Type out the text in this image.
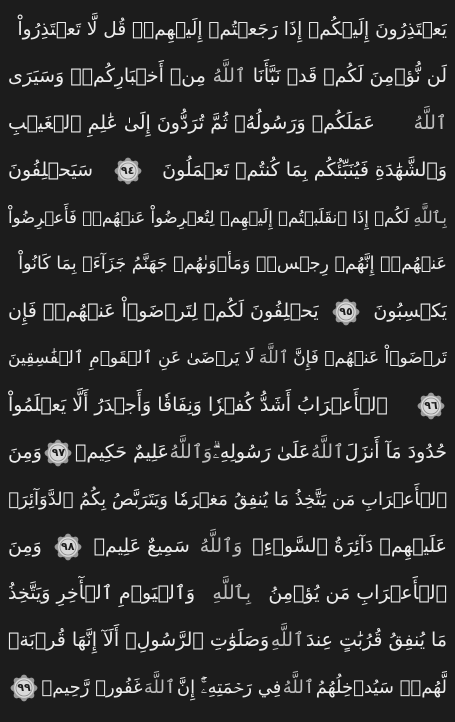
يَعۡتَذِرُونَ إِلَيۡكُمۡ إِذَا رَجَعۡتُمۡ إِلَيۡهِمۡۚ قُل لَّا تَعۡتَذِرُواْ
لَن نُّؤۡمِنَ لَكُمۡ قَدۡ نَبَّأَنَا
ٱللَّهُ
مِنۡ أَخۡبَارِكُمۡۚ وَسَيَرَى
ٱللَّهُ
عَمَلَكُمۡ وَرَسُولُهُۥ ثُمَّ تُرَدُّونَ إِلَىٰ عَٰلِمِ ٱلۡغَيۡبِ
وَٱلشَّهَٰدَةِ فَيُنَبِّئُكُم بِمَا كُنتُمۡ تَعۡمَلُونَ
٩٤
سَيَحۡلِفُونَ
بِٱللَّهِ
لَكُمۡ إِذَا ٱنقَلَبۡتُمۡ إِلَيۡهِمۡ لِتُعۡرِضُواْ عَنۡهُمۡۖ فَأَعۡرِضُواْ
عَنۡهُمۡۖ إِنَّهُمۡ رِجۡسٞۖ وَمَأۡوَىٰهُمۡ جَهَنَّمُ جَزَآءَۢ بِمَا كَانُواْ
يَكۡسِبُونَ
٩٥
يَحۡلِفُونَ لَكُمۡ لِتَرۡضَوۡاْ عَنۡهُمۡۖ فَإِن
تَرۡضَوۡاْ عَنۡهُمۡ فَإِنَّ
ٱللَّهَ
لَا يَرۡضَىٰ عَنِ ٱلۡقَوۡمِ ٱلۡفَٰسِقِينَ
٩٦
ٱلۡأَعۡرَابُ أَشَدُّ كُفۡرٗا وَنِفَاقٗا وَأَجۡدَرُ أَلَّا يَعۡلَمُواْ
حُدُودَ مَآ أَنزَلَ
ٱللَّهُ
عَلَىٰ رَسُولِهِۦۗ
وَٱللَّهُ
عَلِيمٌ حَكِيمٞ
٩٧
وَمِنَ
ٱلۡأَعۡرَابِ مَن يَتَّخِذُ مَا يُنفِقُ مَغۡرَمٗا وَيَتَرَبَّصُ بِكُمُ ٱلدَّوَآئِرَۚ
عَلَيۡهِمۡ دَآئِرَةُ ٱلسَّوۡءِۗ
وَٱللَّهُ
سَمِيعٌ عَلِيمٞ
٩٨
وَمِنَ
ٱلۡأَعۡرَابِ مَن يُؤۡمِنُ
بِٱللَّهِ
وَٱلۡيَوۡمِ ٱلۡأٓخِرِ وَيَتَّخِذُ
مَا يُنفِقُ قُرُبَٰتٍ عِندَ
ٱللَّهِ
وَصَلَوَٰتِ ٱلرَّسُولِۚ أَلَآ إِنَّهَا قُرۡبَةٞ
لَّهُمۡۚ سَيُدۡخِلُهُمُ
ٱللَّهُ
فِي رَحۡمَتِهِۦٓۚ إِنَّ
ٱللَّهَ
غَفُورٞ رَّحِيمٞ
٩٩
